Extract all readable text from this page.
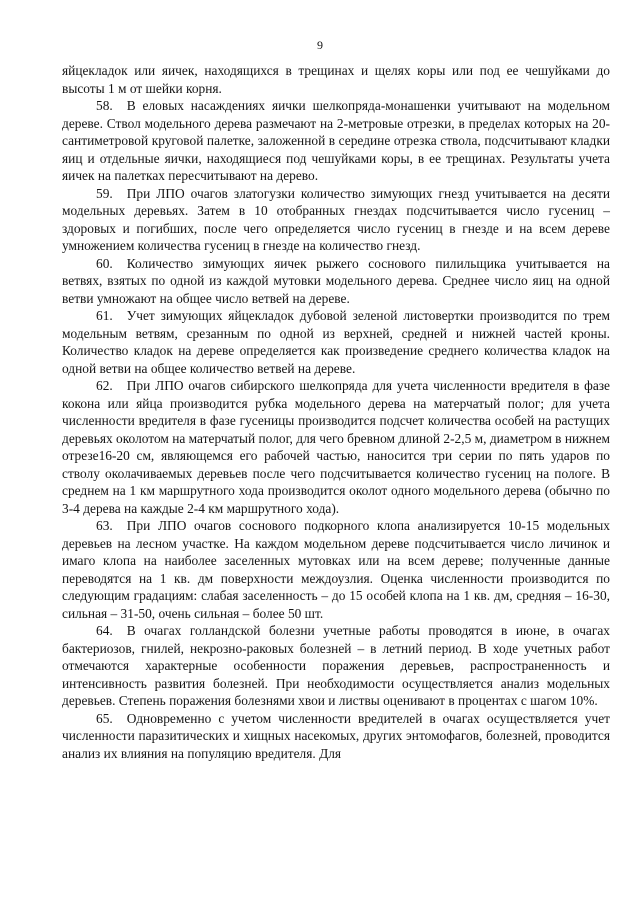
9

яйцекладок или яичек, находящихся в трещинах и щелях коры или под ее чешуйками до высоты 1 м от шейки корня.

58. В еловых насаждениях яички шелкопряда-монашенки учитывают на модельном дереве. Ствол модельного дерева размечают на 2-метровые отрезки, в пределах которых на 20-сантиметровой круговой палетке, заложенной в середине отрезка ствола, подсчитывают кладки яиц и отдельные яички, находящиеся под чешуйками коры, в ее трещинах. Результаты учета яичек на палетках пересчитывают на дерево.

59. При ЛПО очагов златогузки количество зимующих гнезд учитывается на десяти модельных деревьях. Затем в 10 отобранных гнездах подсчитывается число гусениц – здоровых и погибших, после чего определяется число гусениц в гнезде и на всем дереве умножением количества гусениц в гнезде на количество гнезд.

60. Количество зимующих яичек рыжего соснового пилильщика учитывается на ветвях, взятых по одной из каждой мутовки модельного дерева. Среднее число яиц на одной ветви умножают на общее число ветвей на дереве.

61. Учет зимующих яйцекладок дубовой зеленой листовертки производится по трем модельным ветвям, срезанным по одной из верхней, средней и нижней частей кроны. Количество кладок на дереве определяется как произведение среднего количества кладок на одной ветви на общее количество ветвей на дереве.

62. При ЛПО очагов сибирского шелкопряда для учета численности вредителя в фазе кокона или яйца производится рубка модельного дерева на матерчатый полог; для учета численности вредителя в фазе гусеницы производится подсчет количества особей на растущих деревьях околотом на матерчатый полог, для чего бревном длиной 2-2,5 м, диаметром в нижнем отрезе16-20 см, являющемся его рабочей частью, наносится три серии по пять ударов по стволу околачиваемых деревьев после чего подсчитывается количество гусениц на пологе. В среднем на 1 км маршрутного хода производится околот одного модельного дерева (обычно по 3-4 дерева на каждые 2-4 км маршрутного хода).

63. При ЛПО очагов соснового подкорного клопа анализируется 10-15 модельных деревьев на лесном участке. На каждом модельном дереве подсчитывается число личинок и имаго клопа на наиболее заселенных мутовках или на всем дереве; полученные данные переводятся на 1 кв. дм поверхности междоузлия. Оценка численности производится по следующим градациям: слабая заселенность – до 15 особей клопа на 1 кв. дм, средняя – 16-30, сильная – 31-50, очень сильная – более 50 шт.

64. В очагах голландской болезни учетные работы проводятся в июне, в очагах бактериозов, гнилей, некрозно-раковых болезней – в летний период. В ходе учетных работ отмечаются характерные особенности поражения деревьев, распространенность и интенсивность развития болезней. При необходимости осуществляется анализ модельных деревьев. Степень поражения болезнями хвои и листвы оценивают в процентах с шагом 10%.

65. Одновременно с учетом численности вредителей в очагах осуществляется учет численности паразитических и хищных насекомых, других энтомофагов, болезней, проводится анализ их влияния на популяцию вредителя. Для
